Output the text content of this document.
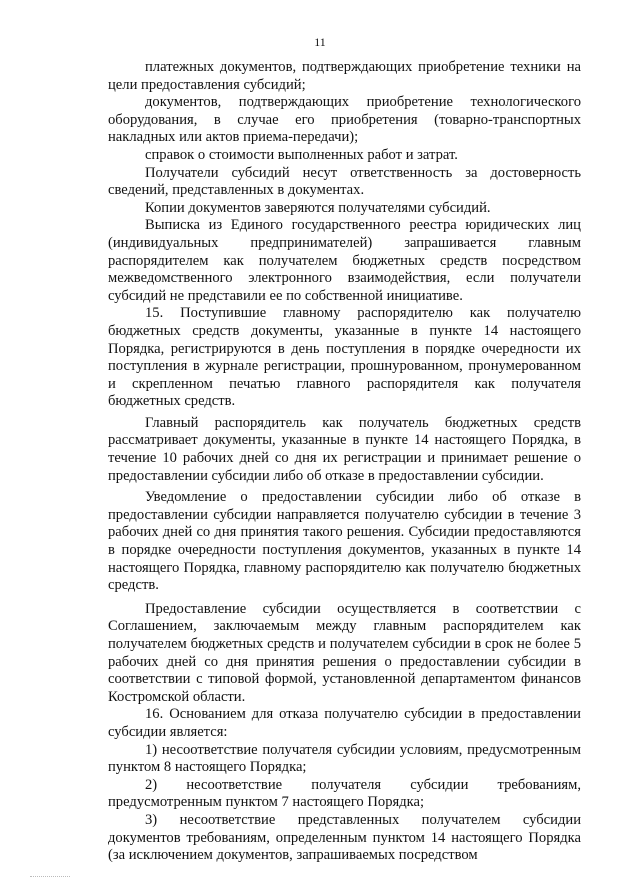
11

платежных документов, подтверждающих приобретение техники на цели предоставления субсидий;

документов, подтверждающих приобретение технологического оборудования, в случае его приобретения (товарно-транспортных накладных или актов приема-передачи);

справок о стоимости выполненных работ и затрат.

Получатели субсидий несут ответственность за достоверность сведений, представленных в документах.

Копии документов заверяются получателями субсидий.

Выписка из Единого государственного реестра юридических лиц (индивидуальных предпринимателей) запрашивается главным распорядителем как получателем бюджетных средств посредством межведомственного электронного взаимодействия, если получатели субсидий не представили ее по собственной инициативе.

15. Поступившие главному распорядителю как получателю бюджетных средств документы, указанные в пункте 14 настоящего Порядка, регистрируются в день поступления в порядке очередности их поступления в журнале регистрации, прошнурованном, пронумерованном и скрепленном печатью главного распорядителя как получателя бюджетных средств.

Главный распорядитель как получатель бюджетных средств рассматривает документы, указанные в пункте 14 настоящего Порядка, в течение 10 рабочих дней со дня их регистрации и принимает решение о предоставлении субсидии либо об отказе в предоставлении субсидии.

Уведомление о предоставлении субсидии либо об отказе в предоставлении субсидии направляется получателю субсидии в течение 3 рабочих дней со дня принятия такого решения. Субсидии предоставляются в порядке очередности поступления документов, указанных в пункте 14 настоящего Порядка, главному распорядителю как получателю бюджетных средств.

Предоставление субсидии осуществляется в соответствии с Соглашением, заключаемым между главным распорядителем как получателем бюджетных средств и получателем субсидии в срок не более 5 рабочих дней со дня принятия решения о предоставлении субсидии в соответствии с типовой формой, установленной департаментом финансов Костромской области.

16. Основанием для отказа получателю субсидии в предоставлении субсидии является:

1) несоответствие получателя субсидии условиям, предусмотренным пунктом 8 настоящего Порядка;

2) несоответствие получателя субсидии требованиям, предусмотренным пунктом 7 настоящего Порядка;

3) несоответствие представленных получателем субсидии документов требованиям, определенным пунктом 14 настоящего Порядка (за исключением документов, запрашиваемых посредством
